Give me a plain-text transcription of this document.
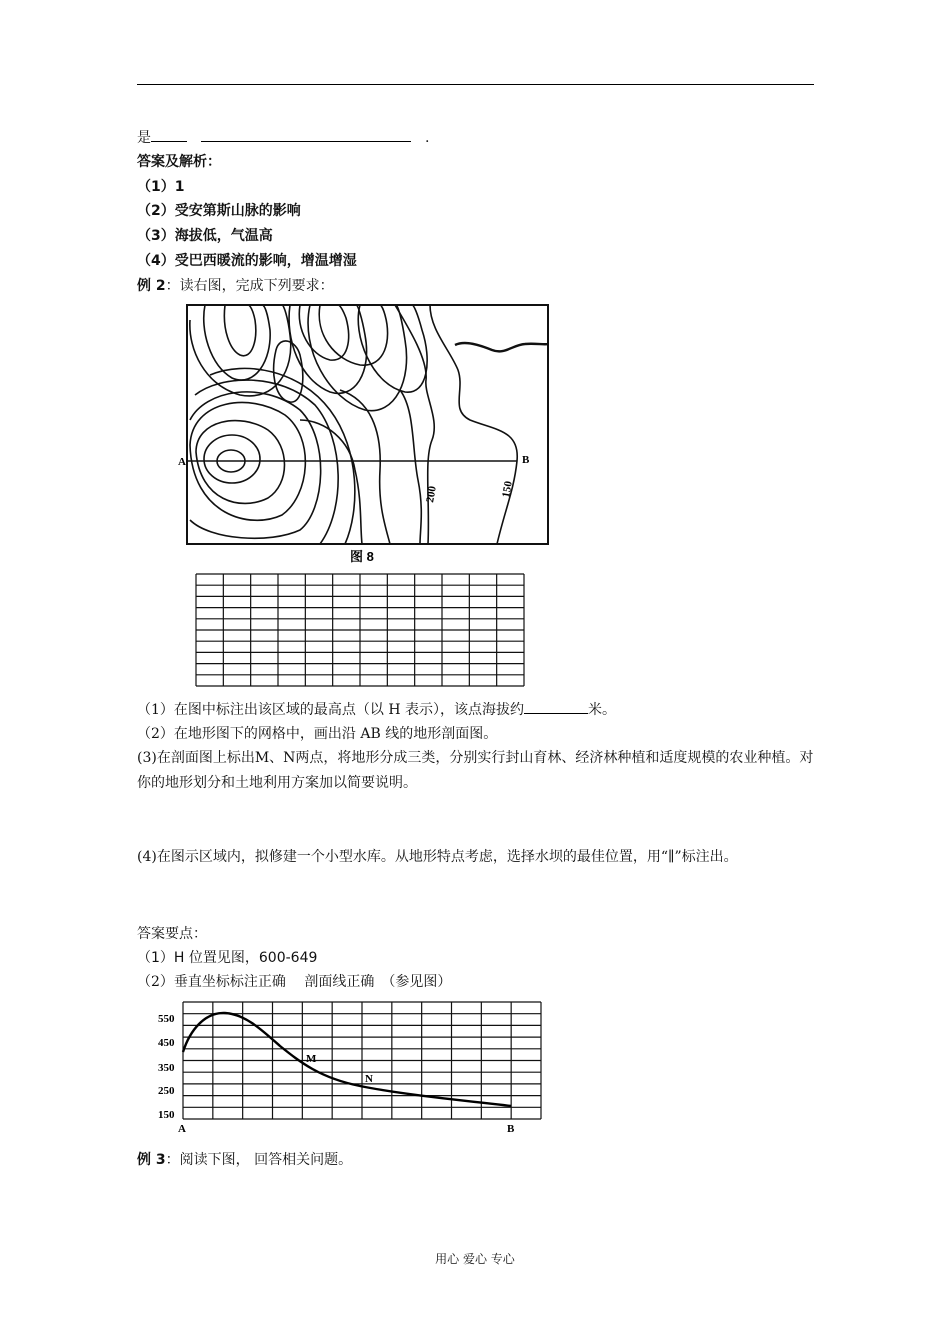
是	.
答案及解析：
（1）1
（2）受安第斯山脉的影响
（3）海拔低，气温高
（4）受巴西暖流的影响，增温增湿
例 2：读右图，完成下列要求：
A	B
200	150
图 8
（1）在图中标注出该区域的最高点（以 H 表示），该点海拔约	米。
（2）在地形图下的网格中，画出沿 AB 线的地形剖面图。
(3)在剖面图上标出M、N两点，将地形分成三类，分别实行封山育林、经济林种植和适度规模的农业种植。对你的地形划分和土地利用方案加以简要说明。
(4)在图示区域内，拟修建一个小型水库。从地形特点考虑，选择水坝的最佳位置，用“∥”标注出。
答案要点：
（1）H 位置见图，600-649
（2）垂直坐标标注正确　 剖面线正确　（参见图）
550
450
350
250
150
A	B
M
N
例 3：阅读下图， 回答相关问题。
用心 爱心 专心
